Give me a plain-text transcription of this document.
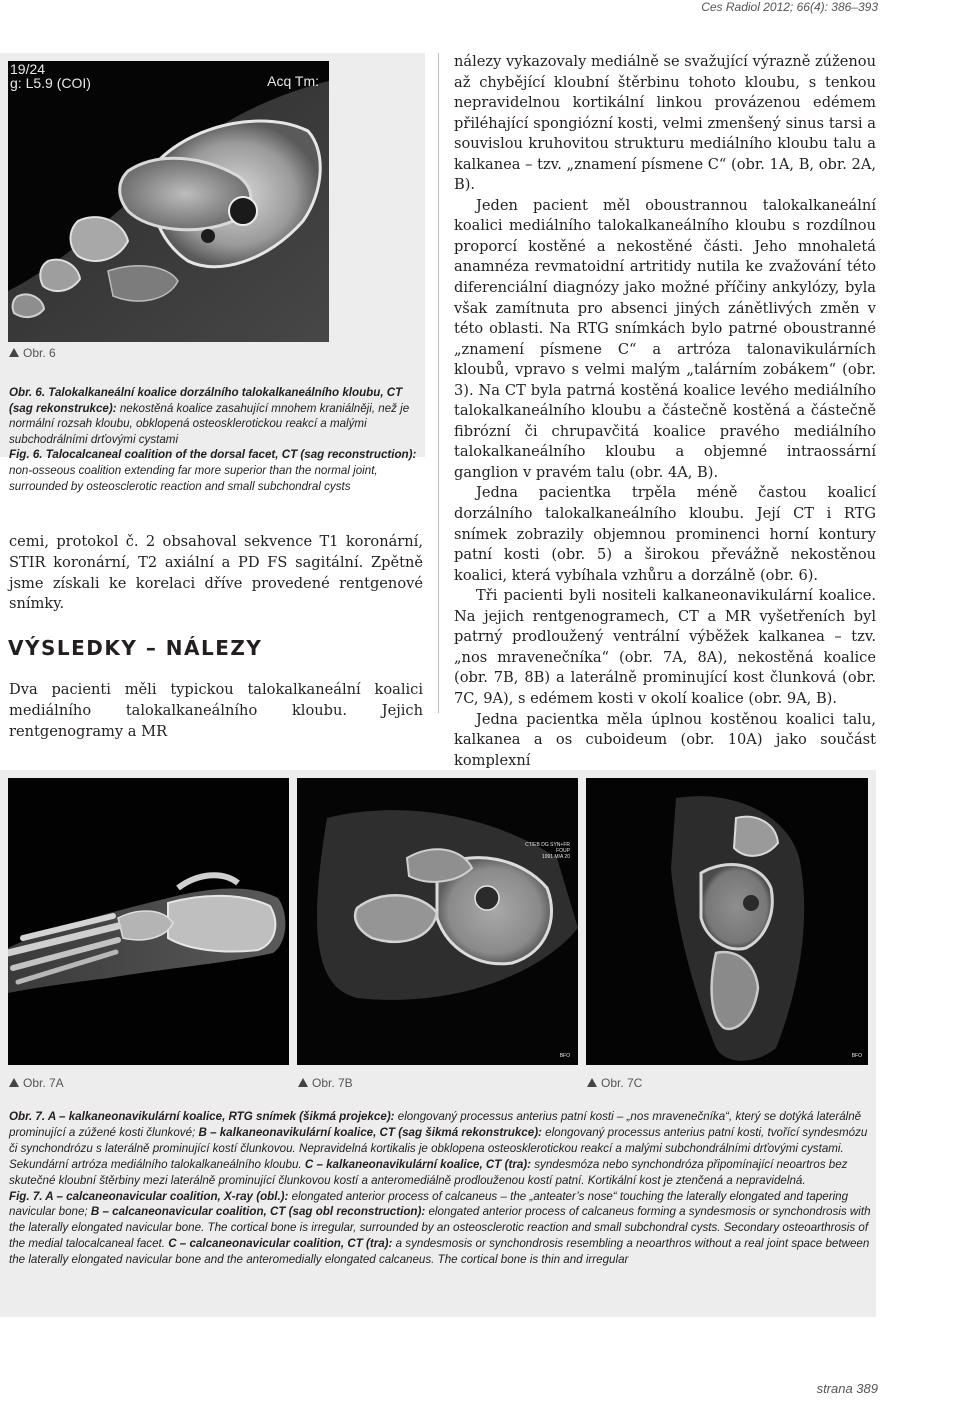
Ces Radiol 2012; 66(4): 386–393
19/24
g: L5.9 (COI)	Acq Tm:
Obr. 6

Obr. 6. Talokalkaneální koalice dorzálního talokalkaneálního kloubu, CT (sag rekonstrukce): nekostěná koalice zasahující mnohem kraniálněji, než je normální rozsah kloubu, obklopená osteosklerotickou reakcí a malými subchodrálními drťovými cystami

Fig. 6. Talocalcaneal coalition of the dorsal facet, CT (sag reconstruction): non-osseous coalition extending far more superior than the normal joint, surrounded by osteosclerotic reaction and small subchondral cysts

cemi, protokol č. 2 obsahoval sekvence T1 koronární, STIR koronární, T2 axiální a PD FS sagitální. Zpětně jsme získali ke korelaci dříve provedené rentgenové snímky.
VÝSLEDKY – NÁLEZY
Dva pacienti měli typickou talokalkaneální koalici mediálního talokalkaneálního kloubu. Jejich rentgenogramy a MR

nálezy vykazovaly mediálně se svažující výrazně zúženou až chybějící kloubní štěrbinu tohoto kloubu, s tenkou nepravidelnou kortikální linkou provázenou edémem přiléhající spongiózní kosti, velmi zmenšený sinus tarsi a souvislou kruhovitou strukturu mediálního kloubu talu a kalkanea – tzv. „znamení písmene C“ (obr. 1A, B, obr. 2A, B).

Jeden pacient měl oboustrannou talokalkaneální koalici mediálního talokalkaneálního kloubu s rozdílnou proporcí kostěné a nekostěné části. Jeho mnohaletá anamnéza revmatoidní artritidy nutila ke zvažování této diferenciální diagnózy jako možné příčiny ankylózy, byla však zamítnuta pro absenci jiných zánětlivých změn v této oblasti. Na RTG snímkách bylo patrné oboustranné „znamení písmene C“ a artróza talonavikulárních kloubů, vpravo s velmi malým „talárním zobákem“ (obr. 3). Na CT byla patrná kostěná koalice levého mediálního talokalkaneálního kloubu a částečně kostěná a částečně fibrózní či chrupavčitá koalice pravého mediálního talokalkaneálního kloubu a objemné intraossární ganglion v pravém talu (obr. 4A, B).

Jedna pacientka trpěla méně častou koalicí dorzálního talokalkaneálního kloubu. Její CT i RTG snímek zobrazily objemnou prominenci horní kontury patní kosti (obr. 5) a širokou převážně nekostěnou koalici, která vybíhala vzhůru a dorzálně (obr. 6).

Tři pacienti byli nositeli kalkaneonavikulární koalice. Na jejich rentgenogramech, CT a MR vyšetřeních byl patrný prodloužený ventrální výběžek kalkanea – tzv. „nos mravenečníka“ (obr. 7A, 8A), nekostěná koalice (obr. 7B, 8B) a laterálně prominující kost člunková (obr. 7C, 9A), s edémem kosti v okolí koalice (obr. 9A, B).

Jedna pacientka měla úplnou kostěnou koalici talu, kalkanea a os cuboideum (obr. 10A) jako součást komplexní

CT/EB DG SYN+FR
FOUP
1991 M/A 20
BFO	BFO
Obr. 7A	Obr. 7B	Obr. 7C

Obr. 7. A – kalkaneonavikulární koalice, RTG snímek (šikmá projekce): elongovaný processus anterius patní kosti – „nos mravenečníka“, který se dotýká laterálně prominující a zúžené kosti člunkové; B – kalkaneonavikulární koalice, CT (sag šikmá rekonstrukce): elongovaný processus anterius patní kosti, tvořící syndesmózu či synchondrózu s laterálně prominující kostí člunkovou. Nepravidelná kortikalis je obklopena osteosklerotickou reakcí a malými subchondrálními drťovými cystami. Sekundární artróza mediálního talokalkaneálního kloubu. C – kalkaneonavikulární koalice, CT (tra): syndesmóza nebo synchondróza připomínající neoartros bez skutečné kloubní štěrbiny mezi laterálně prominující člunkovou kostí a anteromediálně prodlouženou kostí patní. Kortikální kost je ztenčená a nepravidelná.

Fig. 7. A – calcaneonavicular coalition, X-ray (obl.): elongated anterior process of calcaneus – the „anteater’s nose“ touching the laterally elongated and tapering navicular bone; B – calcaneonavicular coalition, CT (sag obl reconstruction): elongated anterior process of calcaneus forming a syndesmosis or synchondrosis with the laterally elongated navicular bone. The cortical bone is irregular, surrounded by an osteosclerotic reaction and small subchondral cysts. Secondary osteoarthrosis of the medial talocalcaneal facet. C – calcaneonavicular coalition, CT (tra): a syndesmosis or synchondrosis resembling a neoarthros without a real joint space between the laterally elongated navicular bone and the anteromedially elongated calcaneus. The cortical bone is thin and irregular

strana 389
